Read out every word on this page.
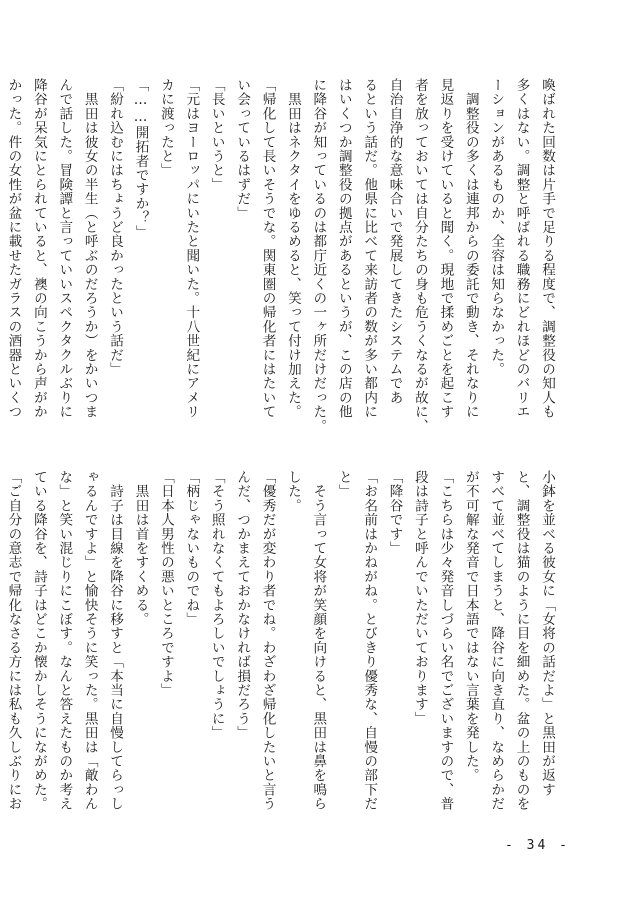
喚ばれた回数は片手で足りる程度で、調整役の知人も

多くはない。調整と呼ばれる職務にどれほどのバリエ

ーションがあるものか、全容は知らなかった。

　調整役の多くは連邦からの委託で動き、それなりに

見返りを受けていると聞く。現地で揉めごとを起こす

者を放っておいては自分たちの身も危うくなるが故に、

自治自浄的な意味合いで発展してきたシステムであ

るという話だ。他県に比べて来訪者の数が多い都内に

はいくつか調整役の拠点があるというが、この店の他

に降谷が知っているのは都庁近くの一ヶ所だけだった。

　黒田はネクタイをゆるめると、笑って付け加えた。

「帰化して長いそうでな。関東圏の帰化者にはたいて

い会っているはずだ」

「長いというと」

「元はヨーロッパにいたと聞いた。十八世紀にアメリ

カに渡ったと」

「……開拓者ですか？」

「紛れ込むにはちょうど良かったという話だ」

　黒田は彼女の半生（と呼ぶのだろうか）をかいつま

んで話した。冒険譚と言っていいスペクタクルぶりに

降谷が呆気にとられていると、襖の向こうから声がか

かった。件の女性が盆に載せたガラスの酒器といくつ

小鉢を並べる彼女に「女将の話だよ」と黒田が返す

と、調整役は猫のように目を細めた。盆の上のものを

すべて並べてしまうと、降谷に向き直り、なめらかだ

が不可解な発音で日本語ではない言葉を発した。

「こちらは少々発音しづらい名でございますので、普

段は詩子と呼んでいただいております」

「降谷です」

「お名前はかねがね。とびきり優秀な、自慢の部下だ

と」

　そう言って女将が笑顔を向けると、黒田は鼻を鳴ら

した。

「優秀だが変わり者でね。わざわざ帰化したいと言う

んだ、つかまえておかなければ損だろう」

「そう照れなくてもよろしいでしょうに」

「柄じゃないものでね」

「日本人男性の悪いところですよ」

　黒田は首をすくめる。

　詩子は目線を降谷に移すと「本当に自慢してらっし

ゃるんですよ」と愉快そうに笑った。黒田は「敵わん

な」と笑い混じりにこぼす。なんと答えたものか考え

ている降谷を、詩子はどこか懐かしそうにながめた。

「ご自分の意志で帰化なさる方には私も久しぶりにお

- 34 -
